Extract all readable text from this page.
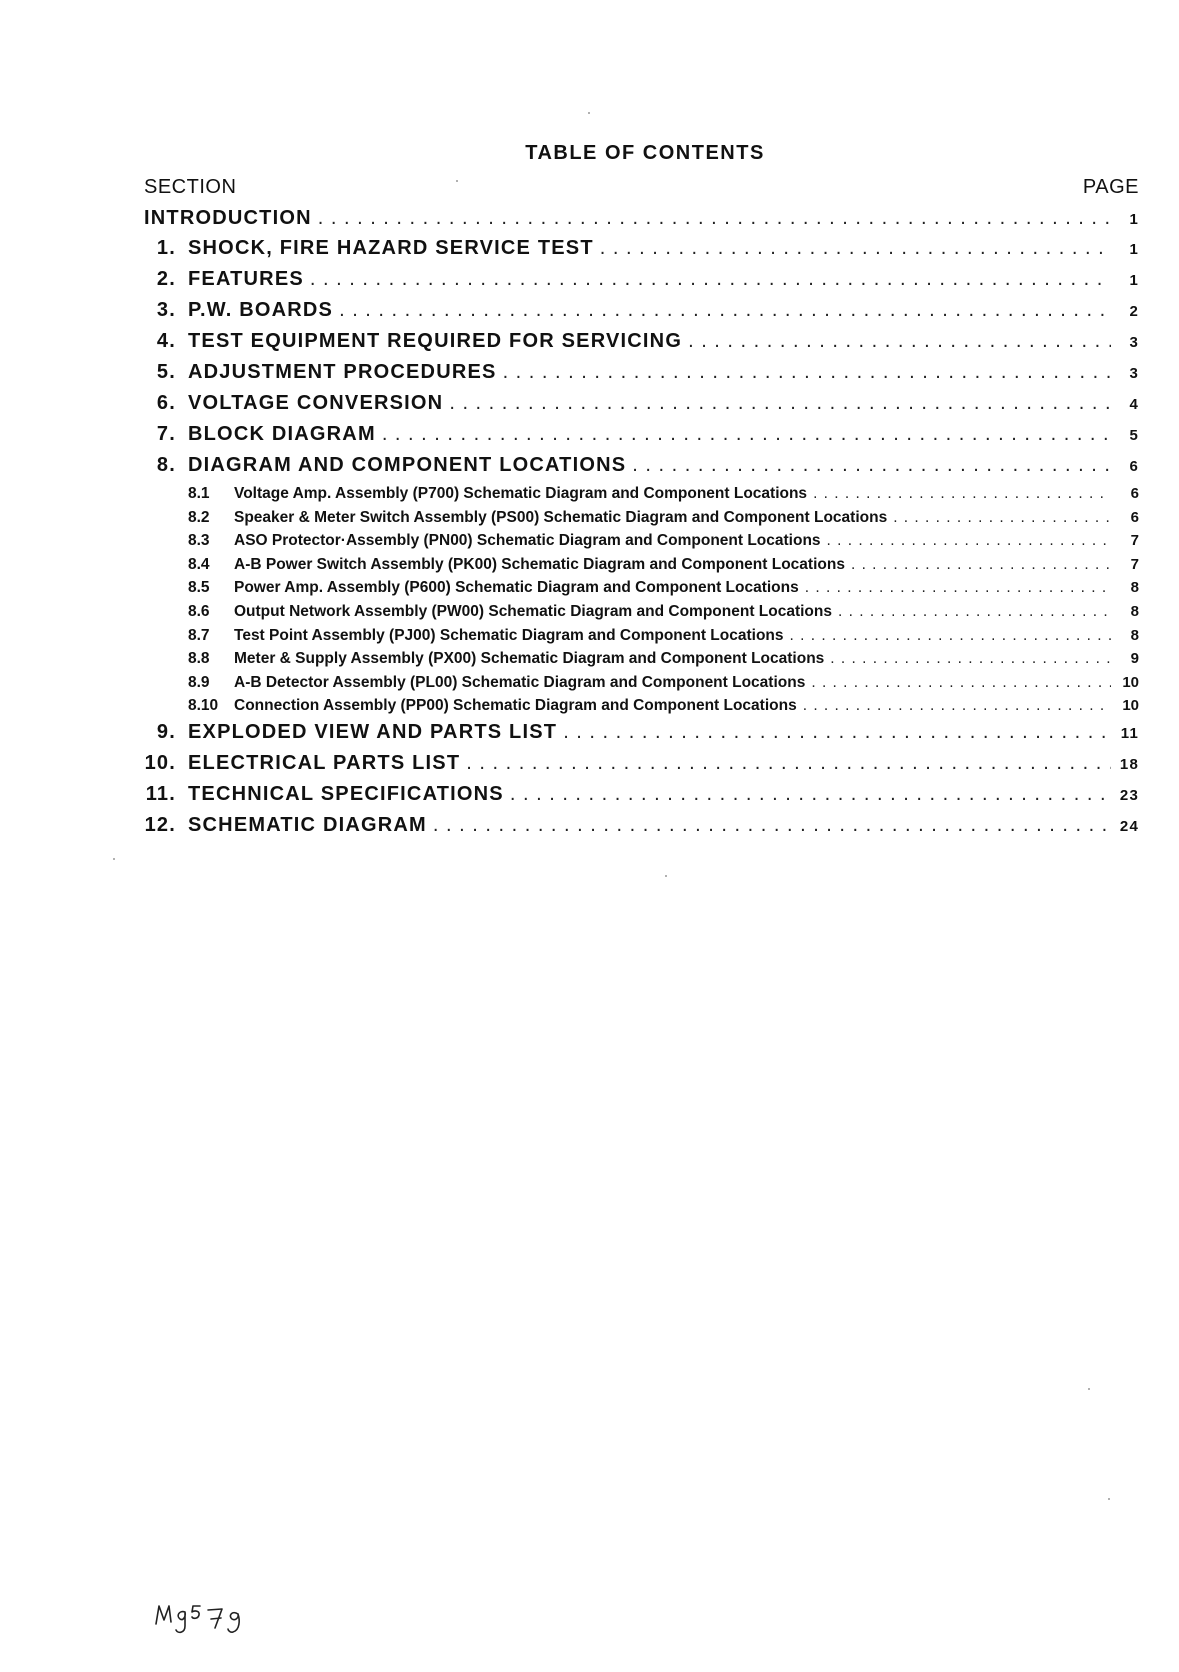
TABLE OF CONTENTS
SECTION	PAGE
INTRODUCTION . . .	1
1. SHOCK, FIRE HAZARD SERVICE TEST . . .	1
2. FEATURES . . .	1
3. P.W. BOARDS . . .	2
4. TEST EQUIPMENT REQUIRED FOR SERVICING . . .	3
5. ADJUSTMENT PROCEDURES . . .	3
6. VOLTAGE CONVERSION . . .	4
7. BLOCK DIAGRAM . . .	5
8. DIAGRAM AND COMPONENT LOCATIONS . . .	6
8.1	Voltage Amp. Assembly (P700) Schematic Diagram and Component Locations . . .	6
8.2	Speaker & Meter Switch Assembly (PS00) Schematic Diagram and Component Locations . . .	6
8.3	ASO Protector·Assembly (PN00) Schematic Diagram and Component Locations . . .	7
8.4	A-B Power Switch Assembly (PK00) Schematic Diagram and Component Locations . . .	7
8.5	Power Amp. Assembly (P600) Schematic Diagram and Component Locations . . .	8
8.6	Output Network Assembly (PW00) Schematic Diagram and Component Locations . . .	8
8.7	Test Point Assembly (PJ00) Schematic Diagram and Component Locations . . .	8
8.8	Meter & Supply Assembly (PX00) Schematic Diagram and Component Locations . . .	9
8.9	A-B Detector Assembly (PL00) Schematic Diagram and Component Locations . . .	10
8.10	Connection Assembly (PP00) Schematic Diagram and Component Locations . . .	10
9. EXPLODED VIEW AND PARTS LIST . . .	11
10. ELECTRICAL PARTS LIST . . .	18
11. TECHNICAL SPECIFICATIONS . . .	23
12. SCHEMATIC DIAGRAM . . .	24
